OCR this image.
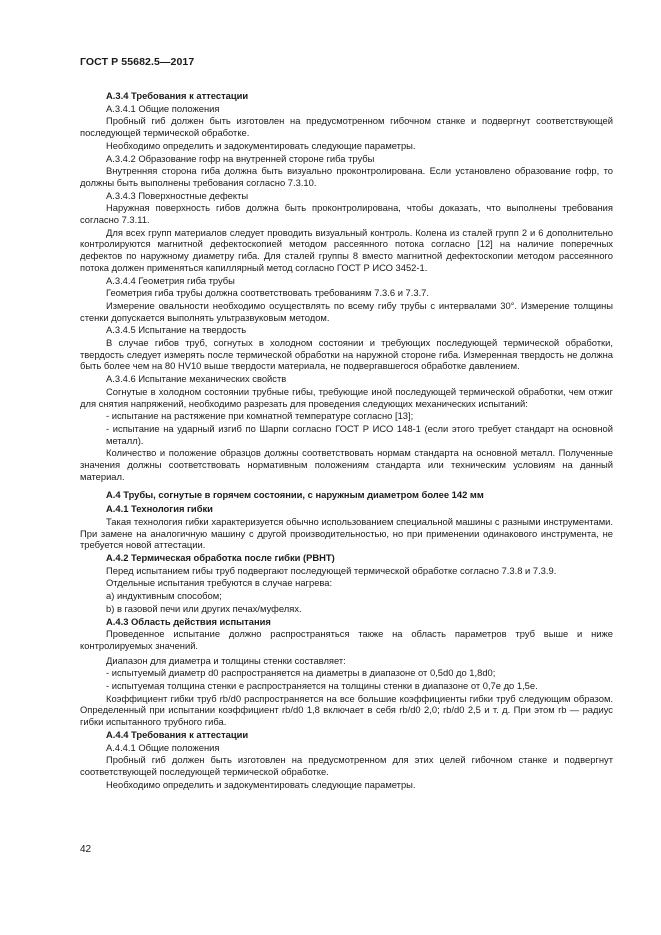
ГОСТ Р 55682.5—2017

А.3.4 Требования к аттестации

А.3.4.1 Общие положения

Пробный гиб должен быть изготовлен на предусмотренном гибочном станке и подвергнут соответствующей последующей термической обработке.

Необходимо определить и задокументировать следующие параметры.

А.3.4.2 Образование гофр на внутренней стороне гиба трубы

Внутренняя сторона гиба должна быть визуально проконтролирована. Если установлено образование гофр, то должны быть выполнены требования согласно 7.3.10.

А.3.4.3 Поверхностные дефекты

Наружная поверхность гибов должна быть проконтролирована, чтобы доказать, что выполнены требования согласно 7.3.11.

Для всех групп материалов следует проводить визуальный контроль. Колена из сталей групп 2 и 6 дополнительно контролируются магнитной дефектоскопией методом рассеянного потока согласно [12] на наличие поперечных дефектов по наружному диаметру гиба. Для сталей группы 8 вместо магнитной дефектоскопии методом рассеянного потока должен применяться капиллярный метод согласно ГОСТ Р ИСО 3452-1.

А.3.4.4 Геометрия гиба трубы

Геометрия гиба трубы должна соответствовать требованиям 7.3.6 и 7.3.7.

Измерение овальности необходимо осуществлять по всему гибу трубы с интервалами 30°. Измерение толщины стенки допускается выполнять ультразвуковым методом.

А.3.4.5 Испытание на твердость

В случае гибов труб, согнутых в холодном состоянии и требующих последующей термической обработки, твердость следует измерять после термической обработки на наружной стороне гиба. Измеренная твердость не должна быть более чем на 80 HV10 выше твердости материала, не подвергавшегося обработке давлением.

А.3.4.6 Испытание механических свойств

Согнутые в холодном состоянии трубные гибы, требующие иной последующей термической обработки, чем отжиг для снятия напряжений, необходимо разрезать для проведения следующих механических испытаний:

- испытание на растяжение при комнатной температуре согласно [13];

- испытание на ударный изгиб по Шарпи согласно ГОСТ Р ИСО 148-1 (если этого требует стандарт на основной металл).

Количество и положение образцов должны соответствовать нормам стандарта на основной металл. Полученные значения должны соответствовать нормативным положениям стандарта или техническим условиям на данный материал.

А.4 Трубы, согнутые в горячем состоянии, с наружным диаметром более 142 мм

А.4.1 Технология гибки

Такая технология гибки характеризуется обычно использованием специальной машины с разными инструментами. При замене на аналогичную машину с другой производительностью, но при применении одинакового инструмента, не требуется новой аттестации.

А.4.2 Термическая обработка после гибки (PBHT)

Перед испытанием гибы труб подвергают последующей термической обработке согласно 7.3.8 и 7.3.9.

Отдельные испытания требуются в случае нагрева:

а) индуктивным способом;

b) в газовой печи или других печах/муфелях.

А.4.3 Область действия испытания

Проведенное испытание должно распространяться также на область параметров труб выше и ниже контролируемых значений.

Диапазон для диаметра и толщины стенки составляет:

- испытуемый диаметр d0 распространяется на диаметры в диапазоне от 0,5d0 до 1,8d0;

- испытуемая толщина стенки e распространяется на толщины стенки в диапазоне от 0,7e до 1,5e.

Коэффициент гибки труб rb/d0 распространяется на все большие коэффициенты гибки труб следующим образом. Определенный при испытании коэффициент rb/d0 1,8 включает в себя rb/d0 2,0; rb/d0 2,5 и т. д. При этом rb — радиус гибки испытанного трубного гиба.

А.4.4 Требования к аттестации

А.4.4.1 Общие положения

Пробный гиб должен быть изготовлен на предусмотренном для этих целей гибочном станке и подвергнут соответствующей последующей термической обработке.

Необходимо определить и задокументировать следующие параметры.

42
